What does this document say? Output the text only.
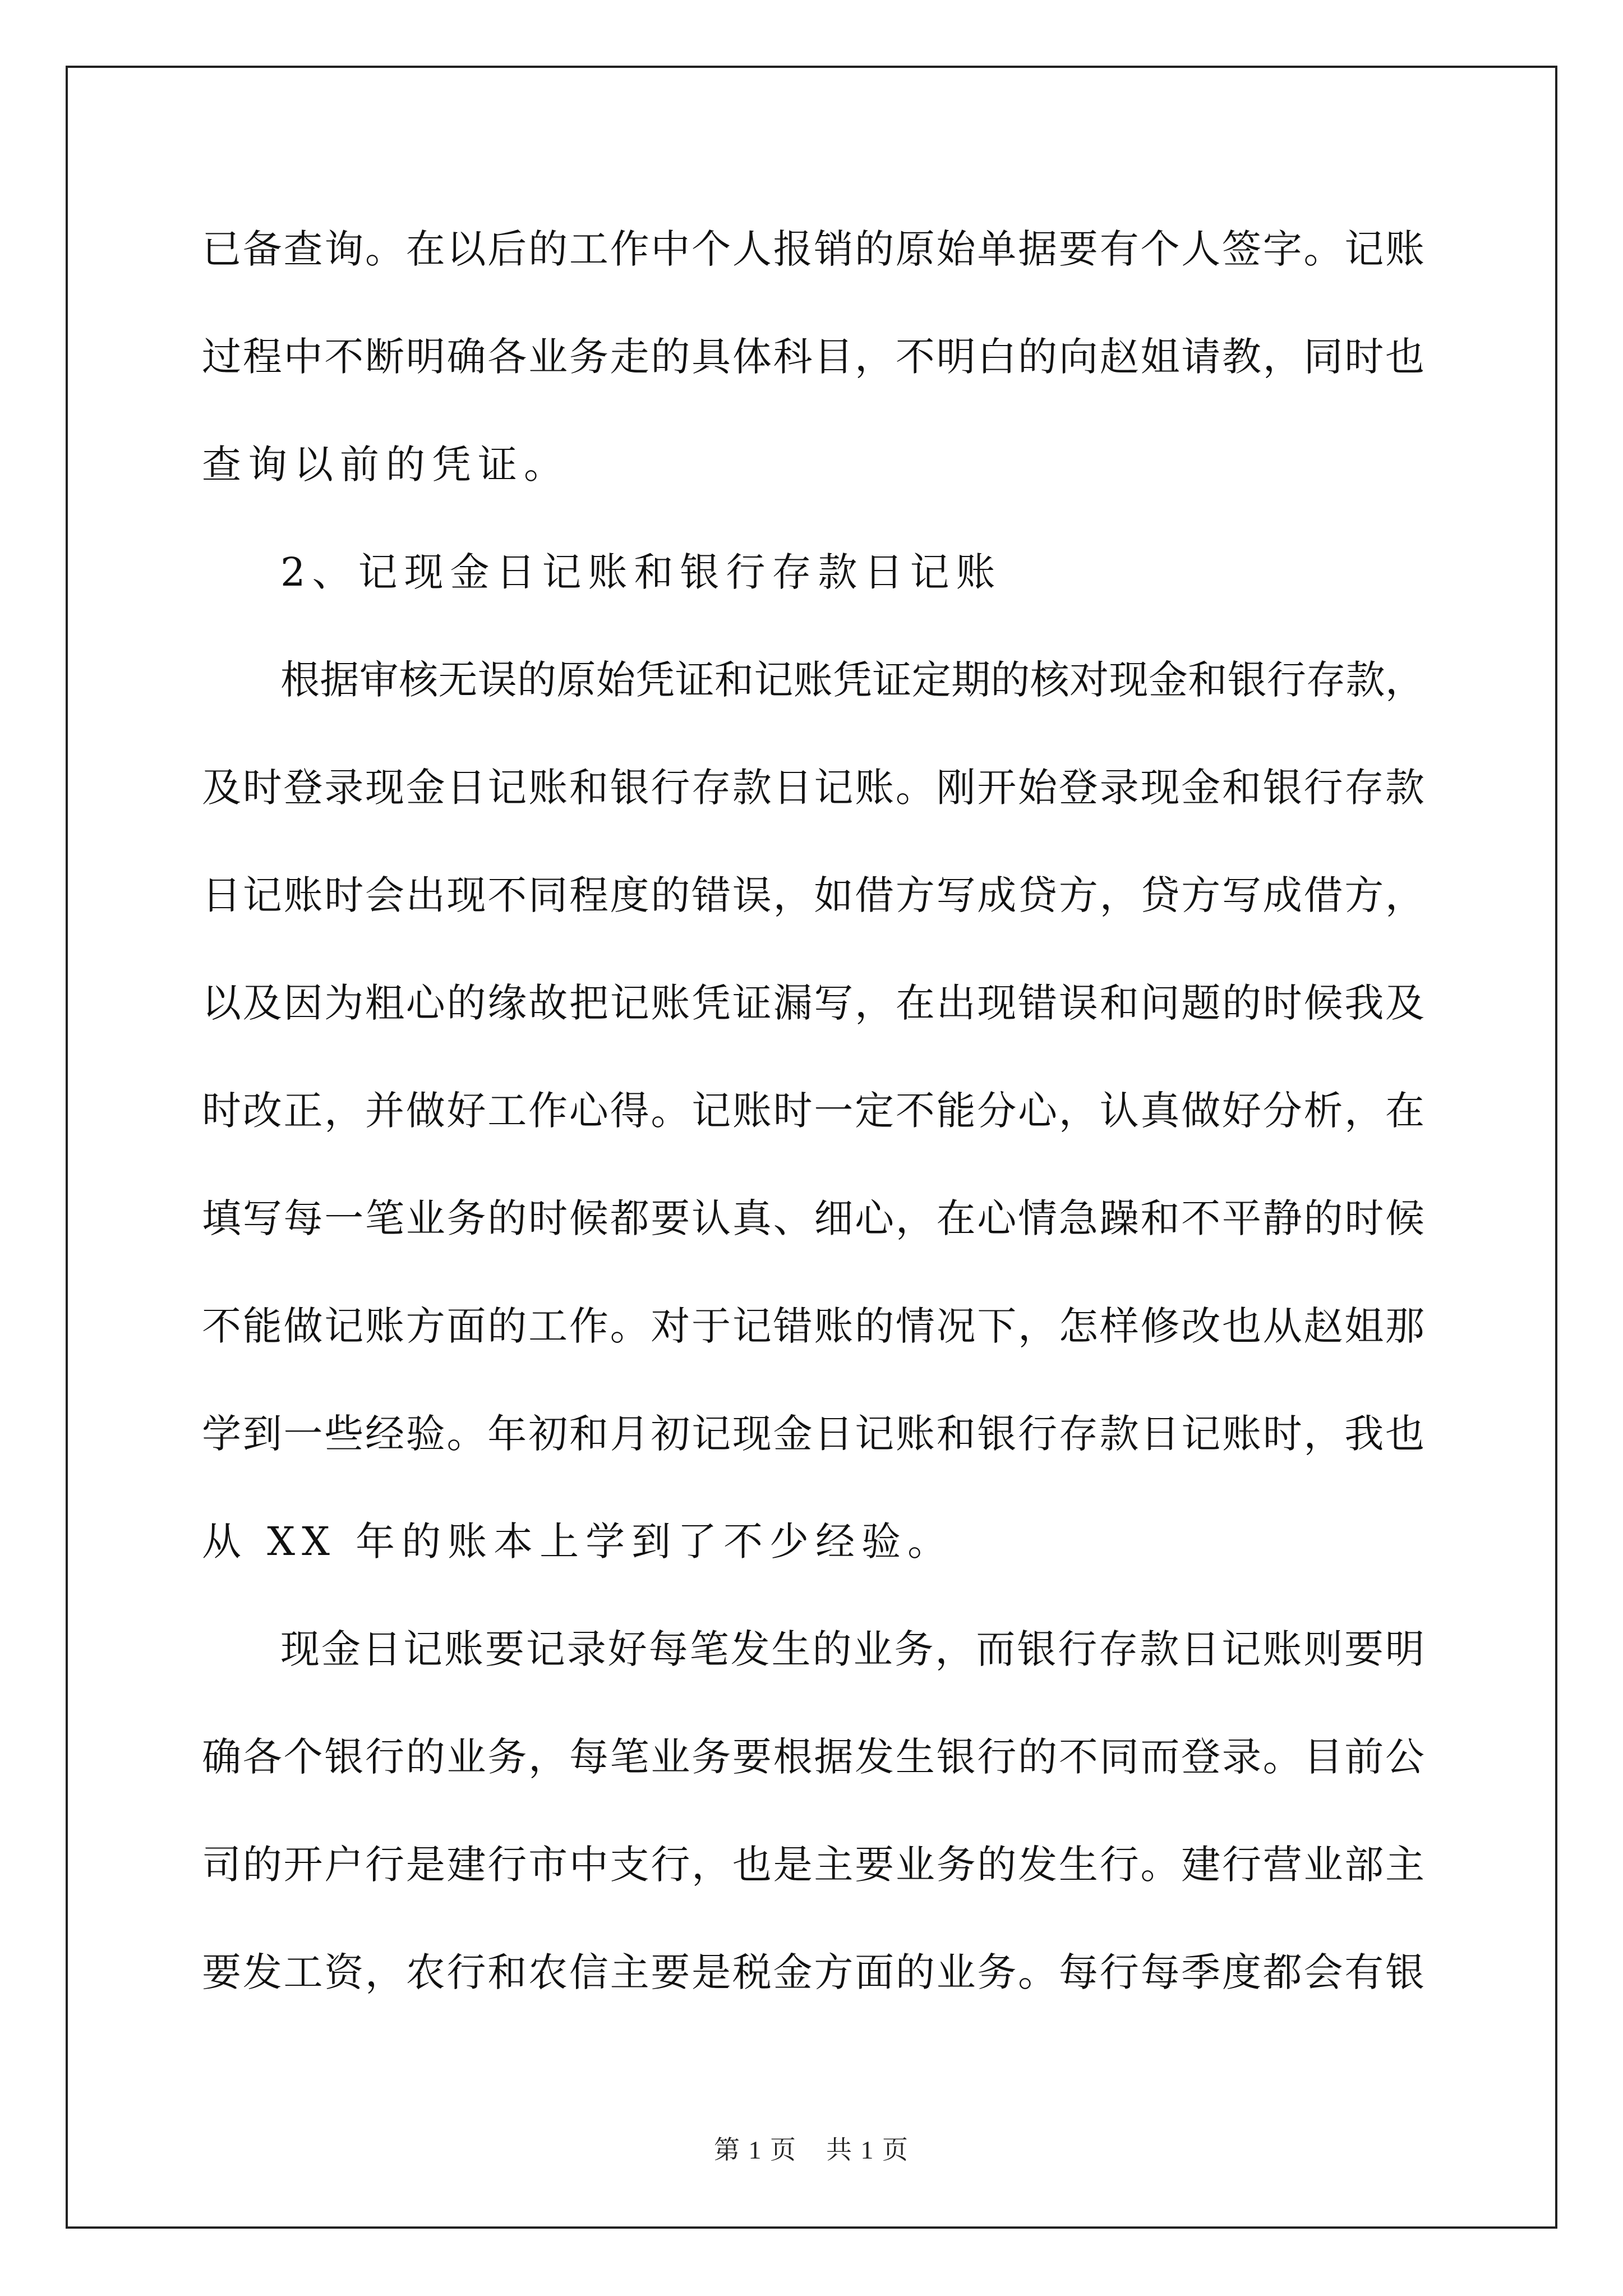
已备查询。在以后的工作中个人报销的原始单据要有个人签字。记账
过程中不断明确各业务走的具体科目，不明白的向赵姐请教，同时也
查询以前的凭证。
2、记现金日记账和银行存款日记账
根据审核无误的原始凭证和记账凭证定期的核对现金和银行存款，
及时登录现金日记账和银行存款日记账。刚开始登录现金和银行存款
日记账时会出现不同程度的错误，如借方写成贷方，贷方写成借方，
以及因为粗心的缘故把记账凭证漏写，在出现错误和问题的时候我及
时改正，并做好工作心得。记账时一定不能分心，认真做好分析，在
填写每一笔业务的时候都要认真、细心，在心情急躁和不平静的时候
不能做记账方面的工作。对于记错账的情况下，怎样修改也从赵姐那
学到一些经验。年初和月初记现金日记账和银行存款日记账时，我也
从 XX 年的账本上学到了不少经验。
现金日记账要记录好每笔发生的业务，而银行存款日记账则要明
确各个银行的业务，每笔业务要根据发生银行的不同而登录。目前公
司的开户行是建行市中支行，也是主要业务的发生行。建行营业部主
要发工资，农行和农信主要是税金方面的业务。每行每季度都会有银
第 1 页 共 1 页
